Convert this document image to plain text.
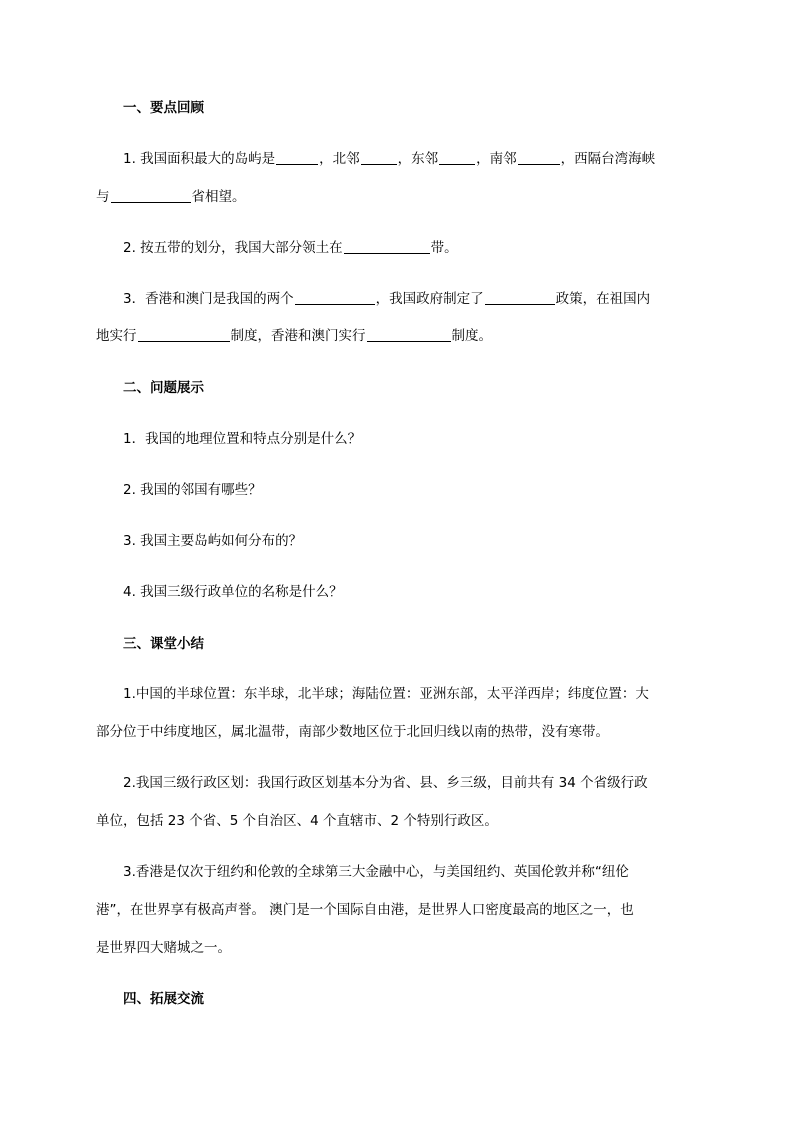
一、要点回顾
1. 我国面积最大的岛屿是	，北邻	，东邻	，南邻	，西隔台湾海峡
与	省相望。
2. 按五带的划分，我国大部分领土在	带。
3．香港和澳门是我国的两个	，我国政府制定了	政策，在祖国内
地实行	制度，香港和澳门实行	制度。
二、问题展示
1．我国的地理位置和特点分别是什么？
2. 我国的邻国有哪些？
3. 我国主要岛屿如何分布的？
4. 我国三级行政单位的名称是什么？
三、课堂小结
1.中国的半球位置：东半球，北半球；海陆位置：亚洲东部，太平洋西岸；纬度位置：大
部分位于中纬度地区，属北温带，南部少数地区位于北回归线以南的热带，没有寒带。
2.我国三级行政区划：我国行政区划基本分为省、县、乡三级，目前共有 34 个省级行政
单位，包括 23 个省、5 个自治区、4 个直辖市、2 个特别行政区。
3.香港是仅次于纽约和伦敦的全球第三大金融中心，与美国纽约、英国伦敦并称“纽伦
港”，在世界享有极高声誉。 澳门是一个国际自由港，是世界人口密度最高的地区之一，也
是世界四大赌城之一。
四、拓展交流
